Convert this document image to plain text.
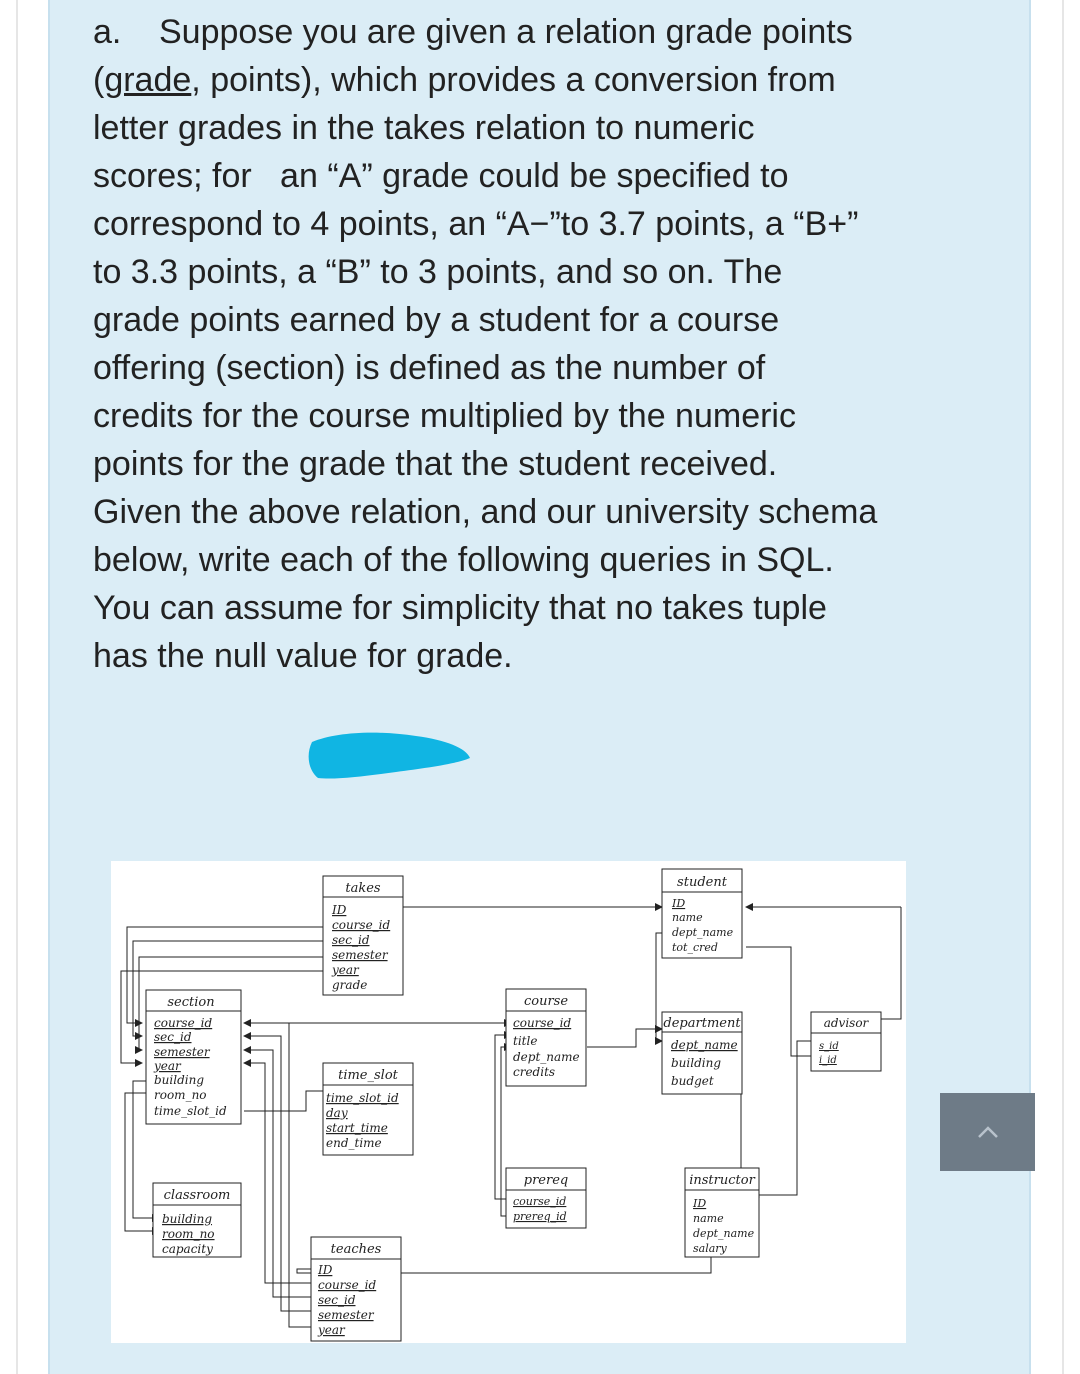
a. Suppose you are given a relation grade points
(grade, points), which provides a conversion from
letter grades in the takes relation to numeric
scores; for   an “A” grade could be specified to
correspond to 4 points, an “A−”to 3.7 points, a “B+”
to 3.3 points, a “B” to 3 points, and so on. The
grade points earned by a student for a course
offering (section) is defined as the number of
credits for the course multiplied by the numeric
points for the grade that the student received.
Given the above relation, and our university schema
below, write each of the following queries in SQL.
You can assume for simplicity that no takes tuple
has the null value for grade.
takes
ID
course_id
sec_id
semester
year
grade
student
ID
name
dept_name
tot_cred
section
course_id
sec_id
semester
year
building
room_no
time_slot_id
course
course_id
title
dept_name
credits
department
dept_name
building
budget
advisor
s_id
i_id
time_slot
time_slot_id
day
start_time
end_time
classroom
building
room_no
capacity
prereq
course_id
prereq_id
instructor
ID
name
dept_name
salary
teaches
ID
course_id
sec_id
semester
year
